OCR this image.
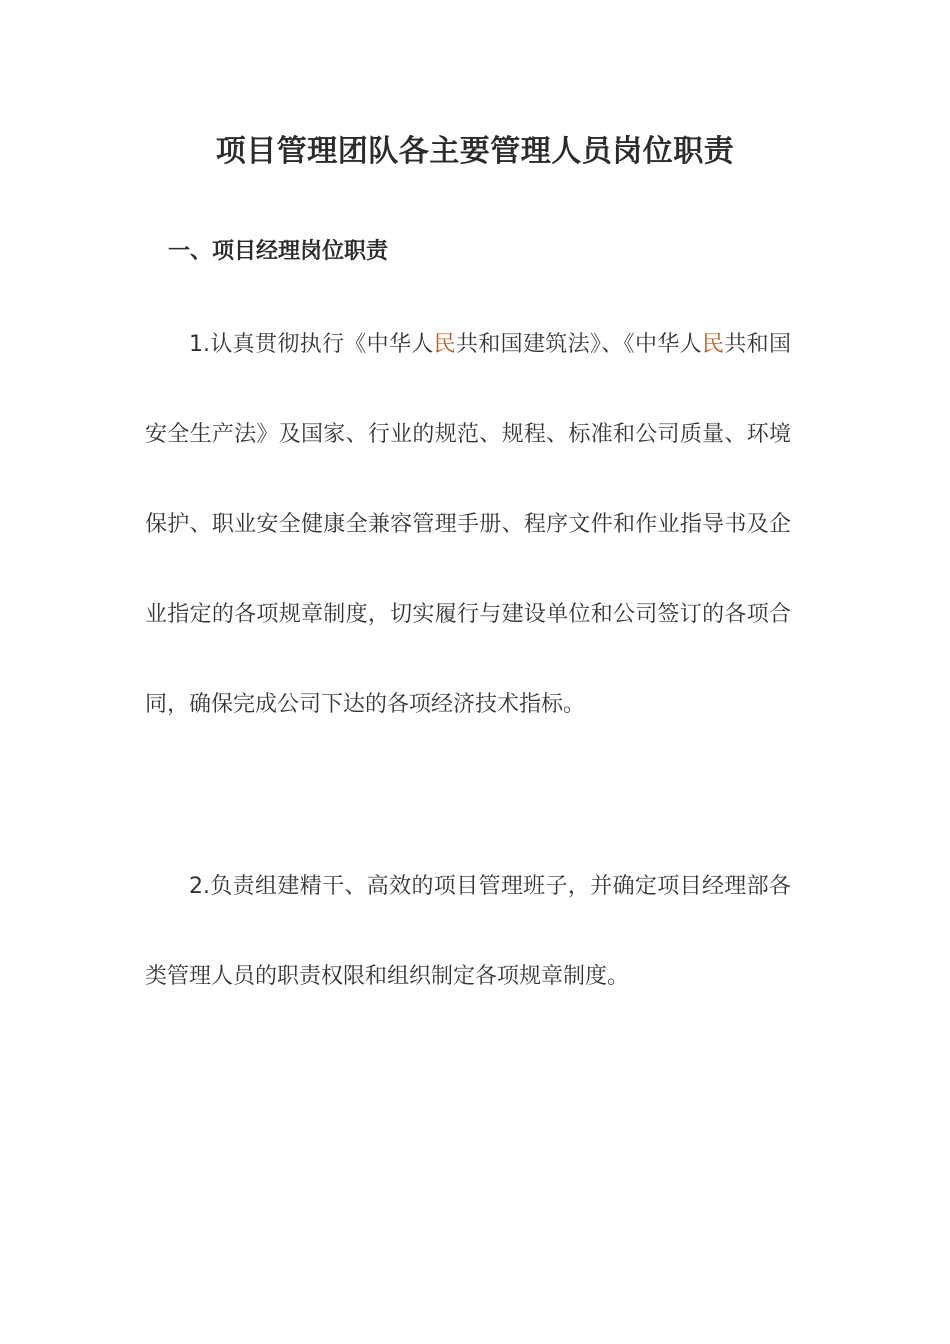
项目管理团队各主要管理人员岗位职责
一、项目经理岗位职责

1.认真贯彻执行《中华人民共和国建筑法》、《中华人民共和国安全生产法》及国家、行业的规范、规程、标准和公司质量、环境保护、职业安全健康全兼容管理手册、程序文件和作业指导书及企业指定的各项规章制度，切实履行与建设单位和公司签订的各项合同，确保完成公司下达的各项经济技术指标。

2.负责组建精干、高效的项目管理班子，并确定项目经理部各类管理人员的职责权限和组织制定各项规章制度。
